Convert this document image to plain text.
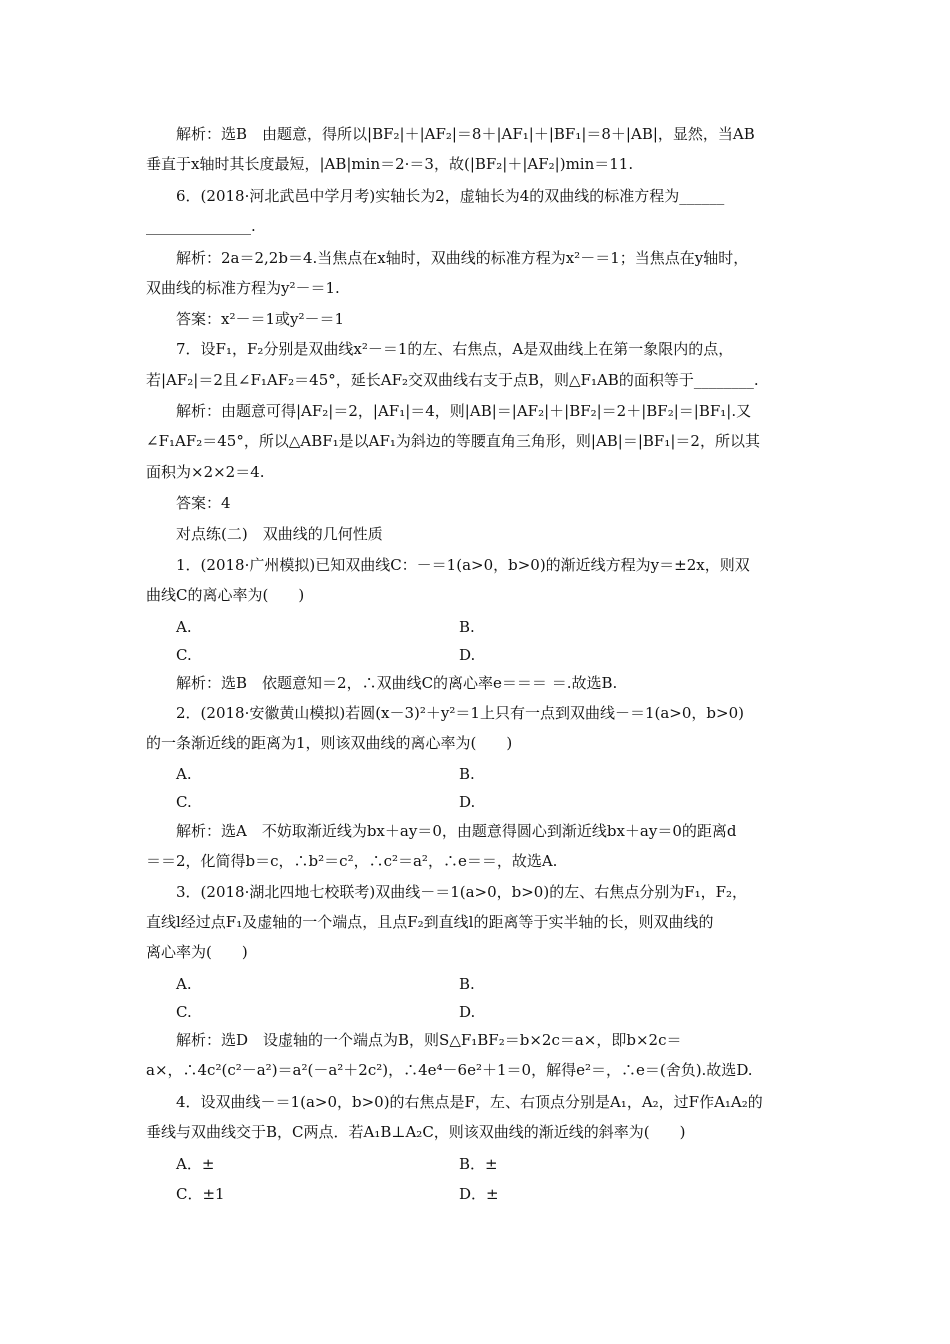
解析：选B　由题意，得所以|BF₂|＋|AF₂|＝8＋|AF₁|＋|BF₁|＝8＋|AB|，显然，当AB
垂直于x轴时其长度最短，|AB|min＝2·＝3，故(|BF₂|＋|AF₂|)min＝11.
6．(2018·河北武邑中学月考)实轴长为2，虚轴长为4的双曲线的标准方程为______
______________.
解析：2a＝2,2b＝4.当焦点在x轴时，双曲线的标准方程为x²－＝1；当焦点在y轴时，
双曲线的标准方程为y²－＝1.
答案：x²－＝1或y²－＝1
7．设F₁，F₂分别是双曲线x²－＝1的左、右焦点，A是双曲线上在第一象限内的点，
若|AF₂|＝2且∠F₁AF₂＝45°，延长AF₂交双曲线右支于点B，则△F₁AB的面积等于________.
解析：由题意可得|AF₂|＝2，|AF₁|＝4，则|AB|＝|AF₂|＋|BF₂|＝2＋|BF₂|＝|BF₁|.又
∠F₁AF₂＝45°，所以△ABF₁是以AF₁为斜边的等腰直角三角形，则|AB|＝|BF₁|＝2，所以其
面积为×2×2＝4.
答案：4
对点练(二)　双曲线的几何性质
1．(2018·广州模拟)已知双曲线C：－＝1(a>0，b>0)的渐近线方程为y＝±2x，则双
曲线C的离心率为(　　)
A.	B.
C.	D.
解析：选B　依题意知＝2，∴双曲线C的离心率e＝＝＝ ＝.故选B.
2．(2018·安徽黄山模拟)若圆(x－3)²＋y²＝1上只有一点到双曲线－＝1(a>0，b>0)
的一条渐近线的距离为1，则该双曲线的离心率为(　　)
A.	B.
C.	D.
解析：选A　不妨取渐近线为bx＋ay＝0，由题意得圆心到渐近线bx＋ay＝0的距离d
＝＝2，化简得b＝c，∴b²＝c²，∴c²＝a²，∴e＝＝，故选A.
3．(2018·湖北四地七校联考)双曲线－＝1(a>0，b>0)的左、右焦点分别为F₁，F₂，
直线l经过点F₁及虚轴的一个端点，且点F₂到直线l的距离等于实半轴的长，则双曲线的
离心率为(　　)
A.	B.
C.	D.
解析：选D　设虚轴的一个端点为B，则S△F₁BF₂＝b×2c＝a×，即b×2c＝
a×，∴4c²(c²－a²)＝a²(－a²＋2c²)，∴4e⁴－6e²＋1＝0，解得e²＝，∴e＝(舍负).故选D.
4．设双曲线－＝1(a>0，b>0)的右焦点是F，左、右顶点分别是A₁，A₂，过F作A₁A₂的
垂线与双曲线交于B，C两点．若A₁B⊥A₂C，则该双曲线的渐近线的斜率为(　　)
A．±	B．±
C．±1	D．±
